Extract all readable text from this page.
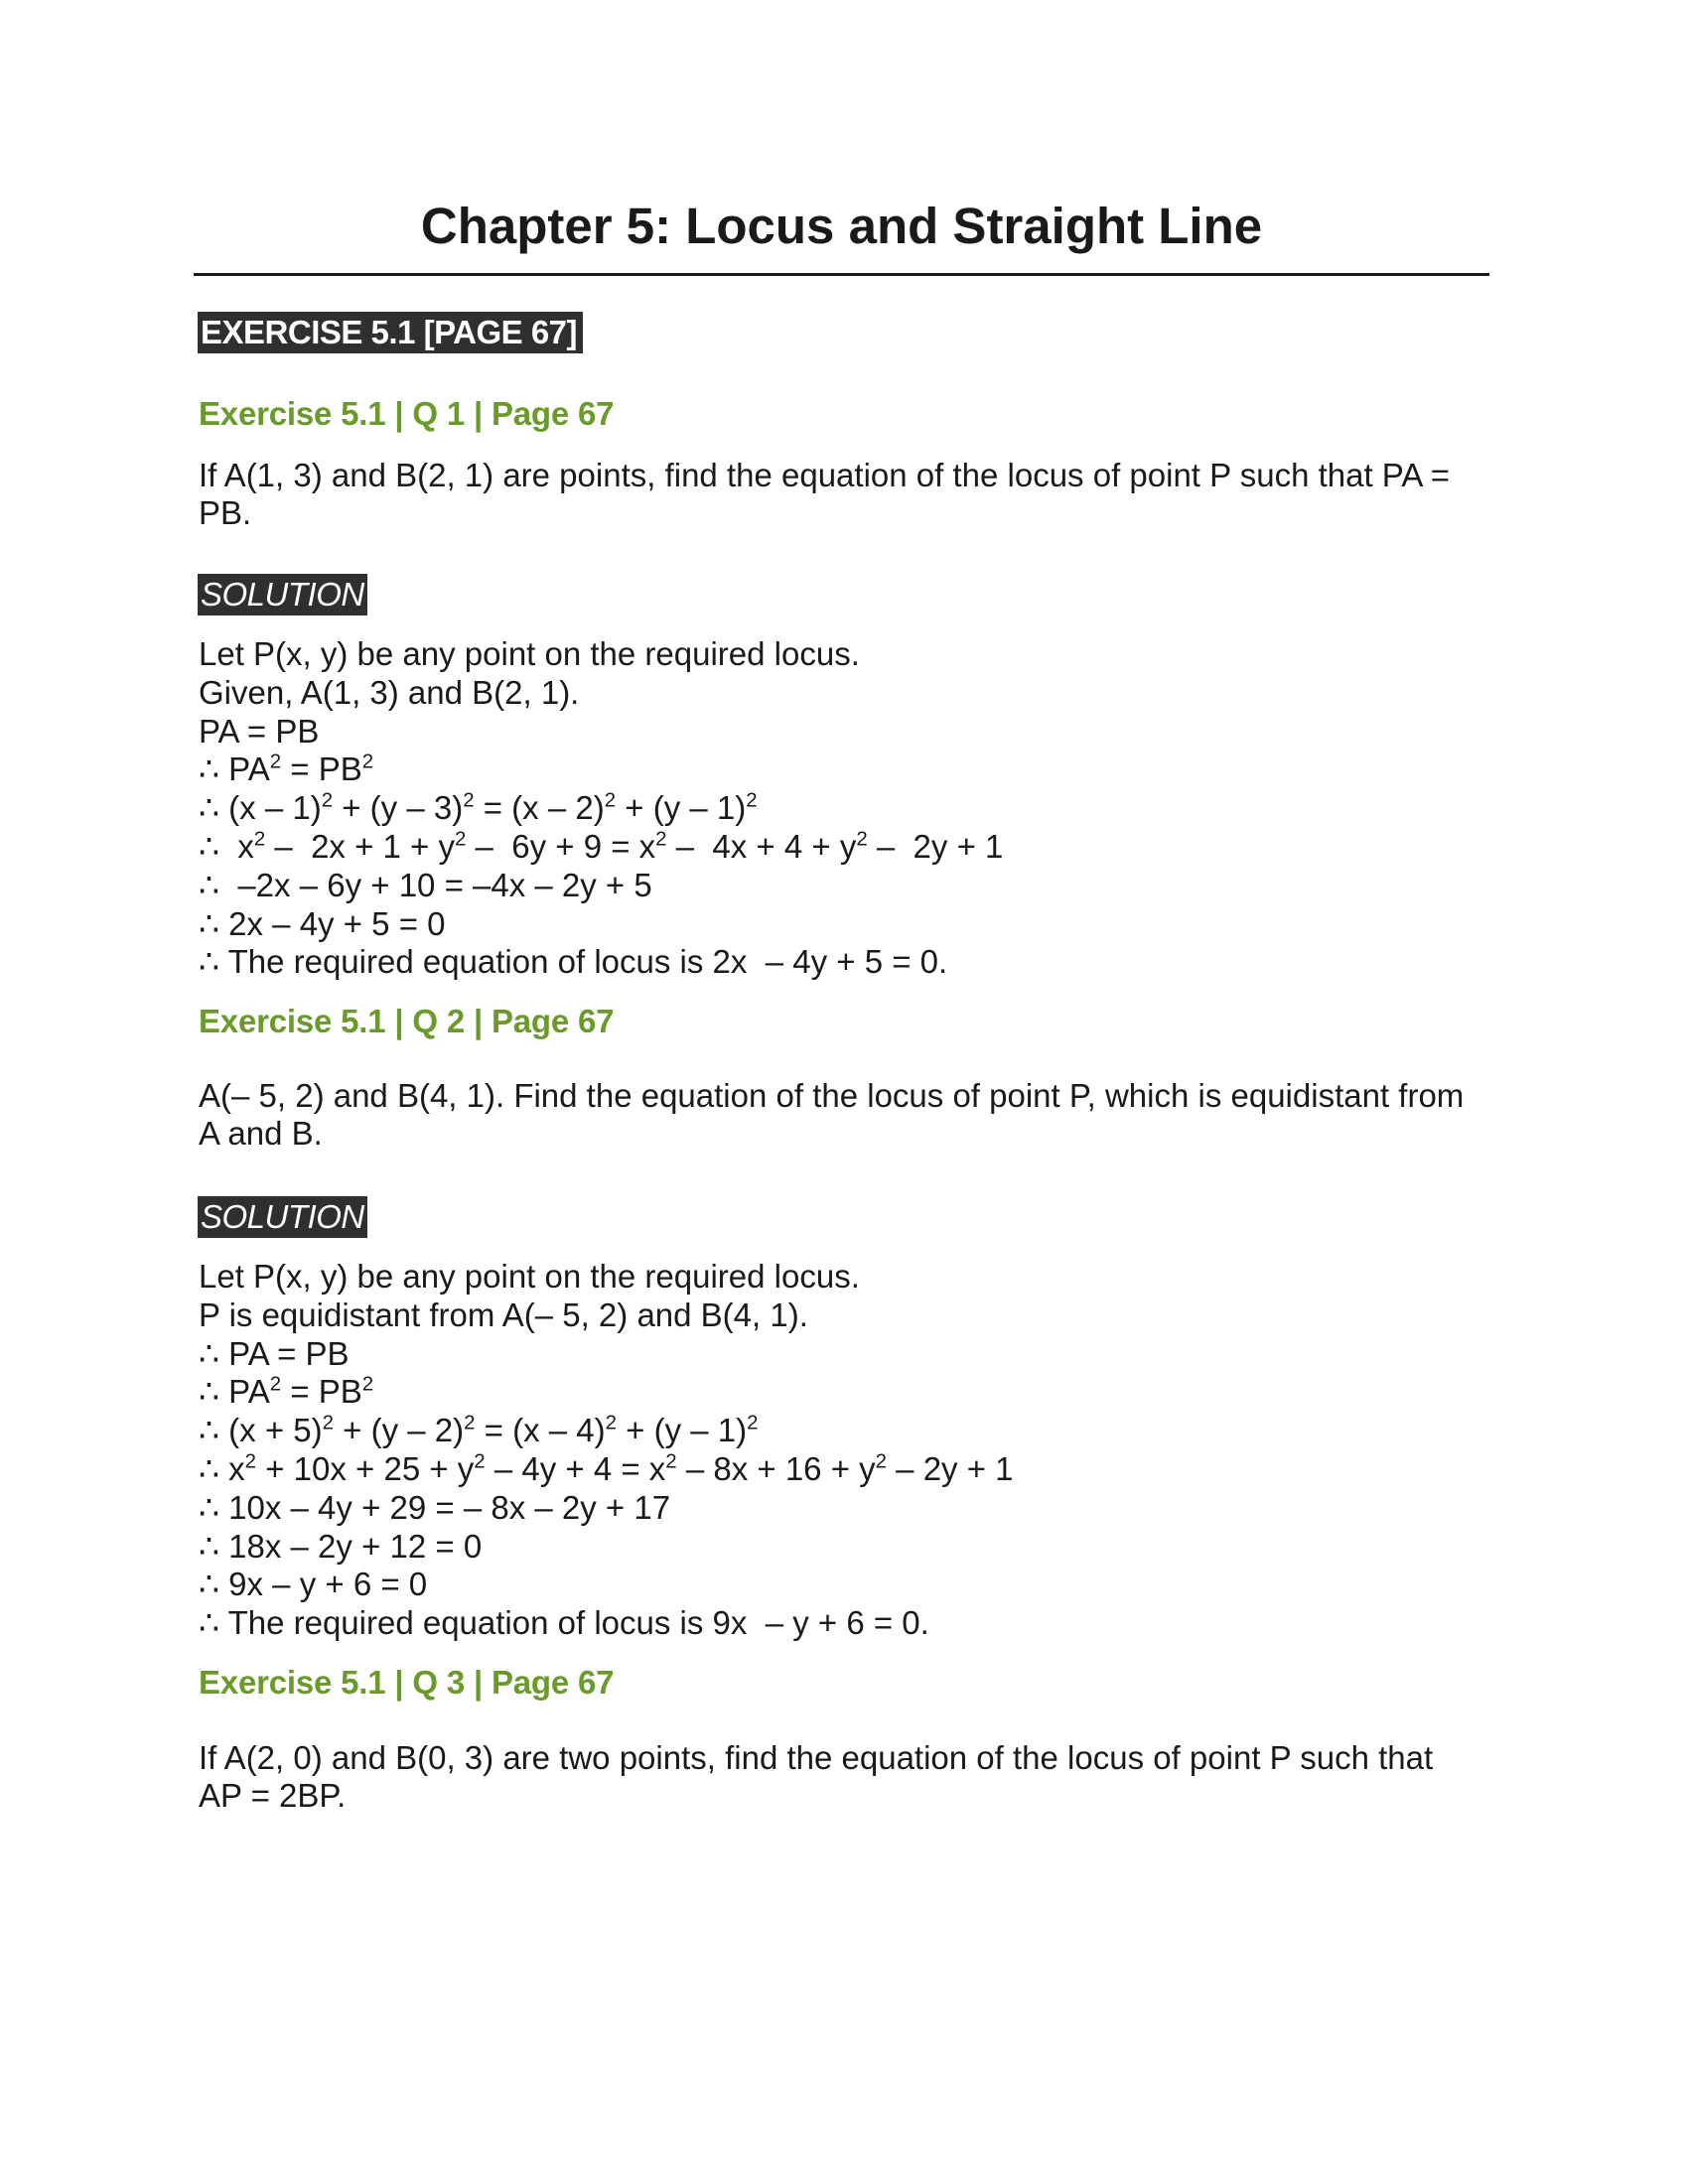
Chapter 5: Locus and Straight Line
EXERCISE 5.1 [PAGE 67]
Exercise 5.1 | Q 1 | Page 67
If A(1, 3) and B(2, 1) are points, find the equation of the locus of point P such that PA =
PB.
SOLUTION
Let P(x, y) be any point on the required locus.
Given, A(1, 3) and B(2, 1).
PA = PB
∴ $PA^2 = PB^2$
∴ (x – 1)$^2$ + (y – 3)$^2$ = (x – 2)$^2$ + (y – 1)$^2$
∴  $x^2 - 2x + 1 + y^2 - 6y + 9 = x^2 - 4x + 4 + y^2 - 2y + 1$
∴  –2x – 6y + 10 = –4x – 2y + 5
∴ 2x – 4y + 5 = 0
∴ The required equation of locus is 2x  – 4y + 5 = 0.
Exercise 5.1 | Q 2 | Page 67
A(– 5, 2) and B(4, 1). Find the equation of the locus of point P, which is equidistant from
A and B.
SOLUTION
Let P(x, y) be any point on the required locus.
P is equidistant from A(– 5, 2) and B(4, 1).
∴ PA = PB
∴ $PA^2 = PB^2$
∴ $(x + 5)^2 + (y - 2)^2 = (x - 4)^2 + (y - 1)^2$
∴ $x^2 + 10x + 25 + y^2 - 4y + 4 = x^2 - 8x + 16 + y^2 - 2y + 1$
∴ 10x – 4y + 29 = – 8x – 2y + 17
∴ 18x – 2y + 12 = 0
∴ 9x – y + 6 = 0
∴ The required equation of locus is 9x  – y + 6 = 0.
Exercise 5.1 | Q 3 | Page 67
If A(2, 0) and B(0, 3) are two points, find the equation of the locus of point P such that
AP = 2BP.
